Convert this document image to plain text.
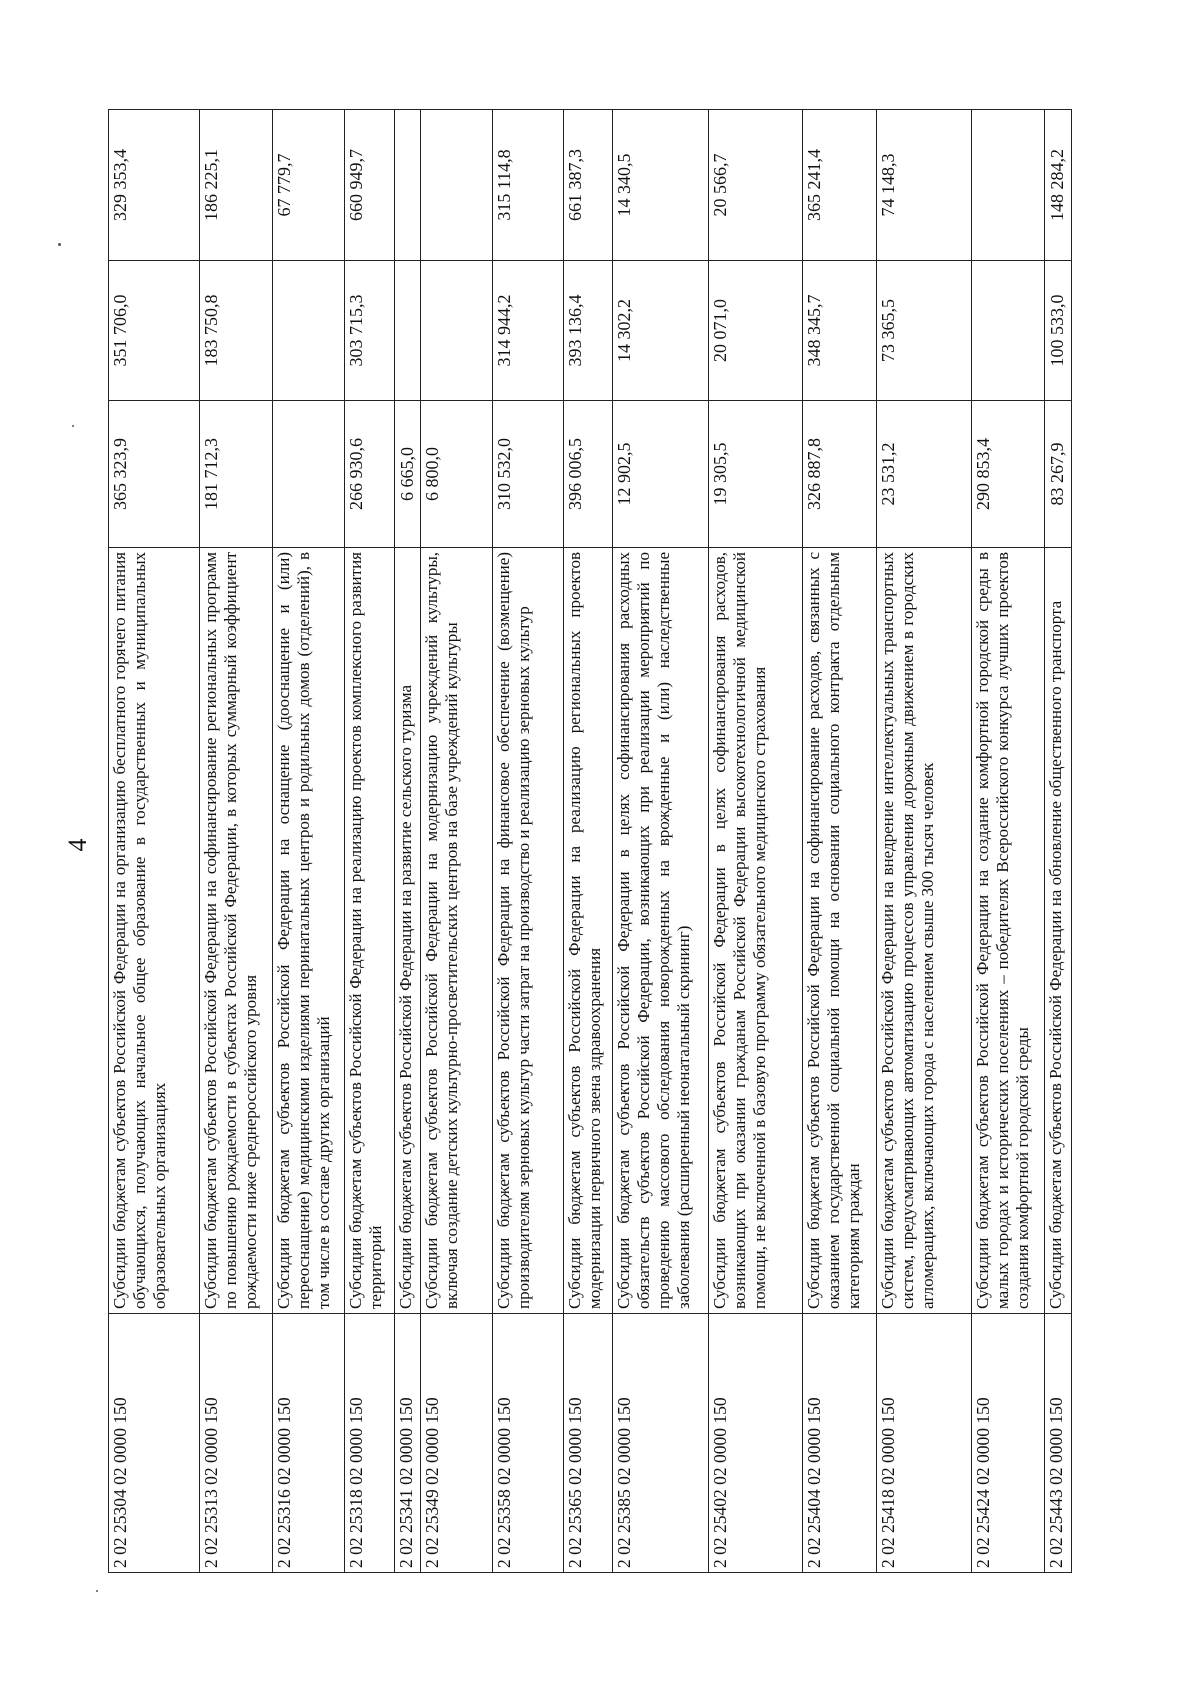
4
2 02 25304 02 0000 150	Субсидии бюджетам субъектов Российской Федерации на организацию бесплатного горячего питания обучающихся, получающих начальное общее образование в государственных и муниципальных образовательных организациях	365 323,9	351 706,0	329 353,4
2 02 25313 02 0000 150	Субсидии бюджетам субъектов Российской Федерации на софинансирование региональных программ по повышению рождаемости в субъектах Российской Федерации, в которых суммарный коэффициент рождаемости ниже среднероссийского уровня	181 712,3	183 750,8	186 225,1
2 02 25316 02 0000 150	Субсидии бюджетам субъектов Российской Федерации на оснащение (дооснащение и (или) переоснащение) медицинскими изделиями перинатальных центров и родильных домов (отделений), в том числе в составе других организаций			67 779,7
2 02 25318 02 0000 150	Субсидии бюджетам субъектов Российской Федерации на реализацию проектов комплексного развития территорий	266 930,6	303 715,3	660 949,7
2 02 25341 02 0000 150	Субсидии бюджетам субъектов Российской Федерации на развитие сельского туризма	6 665,0		
2 02 25349 02 0000 150	Субсидии бюджетам субъектов Российской Федерации на модернизацию учреждений культуры, включая создание детских культурно-просветительских центров на базе учреждений культуры	6 800,0		
2 02 25358 02 0000 150	Субсидии бюджетам субъектов Российской Федерации на финансовое обеспечение (возмещение) производителям зерновых культур части затрат на производство и реализацию зерновых культур	310 532,0	314 944,2	315 114,8
2 02 25365 02 0000 150	Субсидии бюджетам субъектов Российской Федерации на реализацию региональных проектов модернизации первичного звена здравоохранения	396 006,5	393 136,4	661 387,3
2 02 25385 02 0000 150	Субсидии бюджетам субъектов Российской Федерации в целях софинансирования расходных обязательств субъектов Российской Федерации, возникающих при реализации мероприятий по проведению массового обследования новорожденных на врожденные и (или) наследственные заболевания (расширенный неонатальный скрининг)	12 902,5	14 302,2	14 340,5
2 02 25402 02 0000 150	Субсидии бюджетам субъектов Российской Федерации в целях софинансирования расходов, возникающих при оказании гражданам Российской Федерации высокотехнологичной медицинской помощи, не включенной в базовую программу обязательного медицинского страхования	19 305,5	20 071,0	20 566,7
2 02 25404 02 0000 150	Субсидии бюджетам субъектов Российской Федерации на софинансирование расходов, связанных с оказанием государственной социальной помощи на основании социального контракта отдельным категориям граждан	326 887,8	348 345,7	365 241,4
2 02 25418 02 0000 150	Субсидии бюджетам субъектов Российской Федерации на внедрение интеллектуальных транспортных систем, предусматривающих автоматизацию процессов управления дорожным движением в городских агломерациях, включающих города с населением свыше 300 тысяч человек	23 531,2	73 365,5	74 148,3
2 02 25424 02 0000 150	Субсидии бюджетам субъектов Российской Федерации на создание комфортной городской среды в малых городах и исторических поселениях – победителях Всероссийского конкурса лучших проектов создания комфортной городской среды	290 853,4		
2 02 25443 02 0000 150	Субсидии бюджетам субъектов Российской Федерации на обновление общественного транспорта	83 267,9	100 533,0	148 284,2
